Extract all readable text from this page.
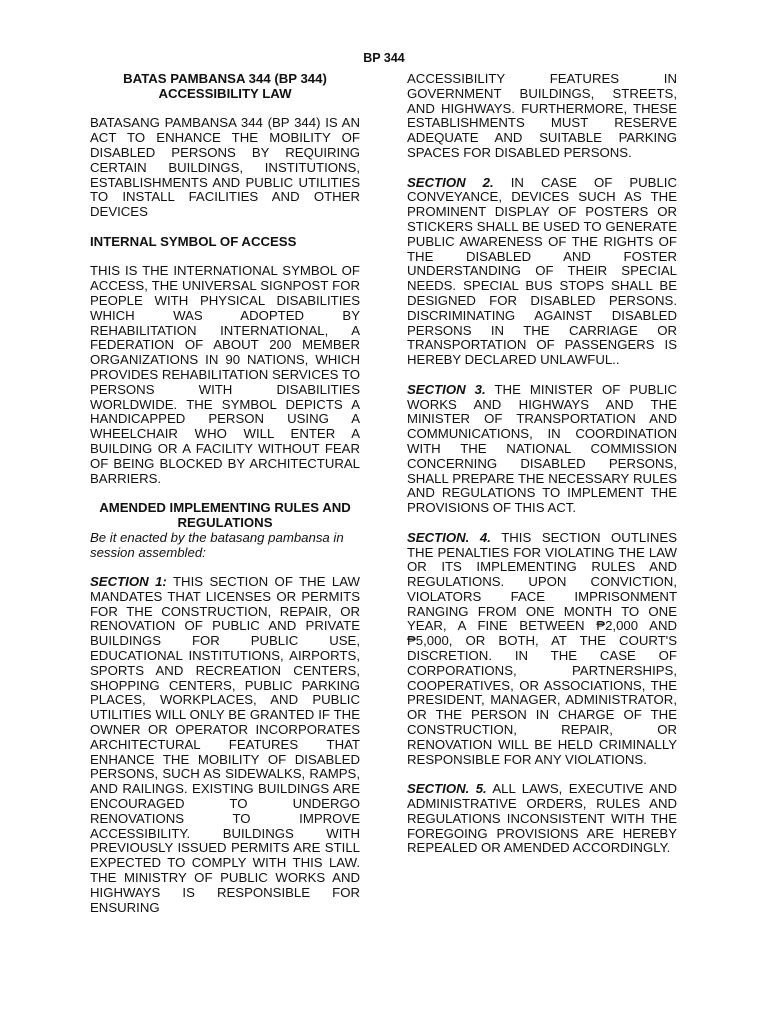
BP 344
BATAS PAMBANSA 344 (BP 344)
ACCESSIBILITY LAW

BATASANG PAMBANSA 344 (BP 344) IS AN ACT TO ENHANCE THE MOBILITY OF DISABLED PERSONS BY REQUIRING CERTAIN BUILDINGS, INSTITUTIONS, ESTABLISHMENTS AND PUBLIC UTILITIES TO INSTALL FACILITIES AND OTHER DEVICES

INTERNAL SYMBOL OF ACCESS

THIS IS THE INTERNATIONAL SYMBOL OF ACCESS, THE UNIVERSAL SIGNPOST FOR PEOPLE WITH PHYSICAL DISABILITIES WHICH WAS ADOPTED BY REHABILITATION INTERNATIONAL, A FEDERATION OF ABOUT 200 MEMBER ORGANIZATIONS IN 90 NATIONS, WHICH PROVIDES REHABILITATION SERVICES TO PERSONS WITH DISABILITIES WORLDWIDE. THE SYMBOL DEPICTS A HANDICAPPED PERSON USING A WHEELCHAIR WHO WILL ENTER A BUILDING OR A FACILITY WITHOUT FEAR OF BEING BLOCKED BY ARCHITECTURAL BARRIERS.

AMENDED IMPLEMENTING RULES AND REGULATIONS

Be it enacted by the batasang pambansa in session assembled:

SECTION 1: THIS SECTION OF THE LAW MANDATES THAT LICENSES OR PERMITS FOR THE CONSTRUCTION, REPAIR, OR RENOVATION OF PUBLIC AND PRIVATE BUILDINGS FOR PUBLIC USE, EDUCATIONAL INSTITUTIONS, AIRPORTS, SPORTS AND RECREATION CENTERS, SHOPPING CENTERS, PUBLIC PARKING PLACES, WORKPLACES, AND PUBLIC UTILITIES WILL ONLY BE GRANTED IF THE OWNER OR OPERATOR INCORPORATES ARCHITECTURAL FEATURES THAT ENHANCE THE MOBILITY OF DISABLED PERSONS, SUCH AS SIDEWALKS, RAMPS, AND RAILINGS. EXISTING BUILDINGS ARE ENCOURAGED TO UNDERGO RENOVATIONS TO IMPROVE ACCESSIBILITY. BUILDINGS WITH PREVIOUSLY ISSUED PERMITS ARE STILL EXPECTED TO COMPLY WITH THIS LAW. THE MINISTRY OF PUBLIC WORKS AND HIGHWAYS IS RESPONSIBLE FOR ENSURING

ACCESSIBILITY FEATURES IN GOVERNMENT BUILDINGS, STREETS, AND HIGHWAYS. FURTHERMORE, THESE ESTABLISHMENTS MUST RESERVE ADEQUATE AND SUITABLE PARKING SPACES FOR DISABLED PERSONS.

SECTION 2. IN CASE OF PUBLIC CONVEYANCE, DEVICES SUCH AS THE PROMINENT DISPLAY OF POSTERS OR STICKERS SHALL BE USED TO GENERATE PUBLIC AWARENESS OF THE RIGHTS OF THE DISABLED AND FOSTER UNDERSTANDING OF THEIR SPECIAL NEEDS. SPECIAL BUS STOPS SHALL BE DESIGNED FOR DISABLED PERSONS. DISCRIMINATING AGAINST DISABLED PERSONS IN THE CARRIAGE OR TRANSPORTATION OF PASSENGERS IS HEREBY DECLARED UNLAWFUL..

SECTION 3. THE MINISTER OF PUBLIC WORKS AND HIGHWAYS AND THE MINISTER OF TRANSPORTATION AND COMMUNICATIONS, IN COORDINATION WITH THE NATIONAL COMMISSION CONCERNING DISABLED PERSONS, SHALL PREPARE THE NECESSARY RULES AND REGULATIONS TO IMPLEMENT THE PROVISIONS OF THIS ACT.

SECTION. 4. THIS SECTION OUTLINES THE PENALTIES FOR VIOLATING THE LAW OR ITS IMPLEMENTING RULES AND REGULATIONS. UPON CONVICTION, VIOLATORS FACE IMPRISONMENT RANGING FROM ONE MONTH TO ONE YEAR, A FINE BETWEEN ₱2,000 AND ₱5,000, OR BOTH, AT THE COURT'S DISCRETION. IN THE CASE OF CORPORATIONS, PARTNERSHIPS, COOPERATIVES, OR ASSOCIATIONS, THE PRESIDENT, MANAGER, ADMINISTRATOR, OR THE PERSON IN CHARGE OF THE CONSTRUCTION, REPAIR, OR RENOVATION WILL BE HELD CRIMINALLY RESPONSIBLE FOR ANY VIOLATIONS.

SECTION. 5. ALL LAWS, EXECUTIVE AND ADMINISTRATIVE ORDERS, RULES AND REGULATIONS INCONSISTENT WITH THE FOREGOING PROVISIONS ARE HEREBY REPEALED OR AMENDED ACCORDINGLY.
